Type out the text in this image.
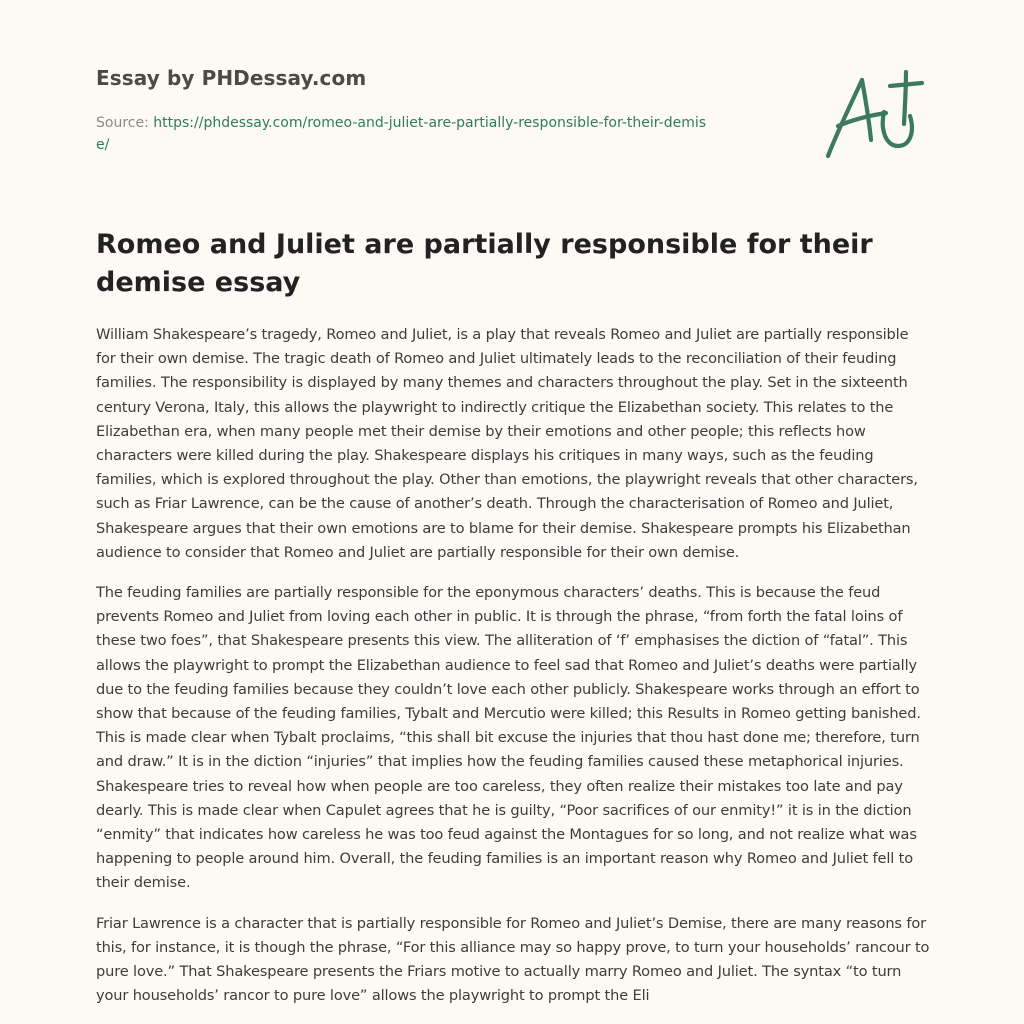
Essay by PHDessay.com
Source: https://phdessay.com/romeo-and-juliet-are-partially-responsible-for-their-demise/
Romeo and Juliet are partially responsible for their demise essay

William Shakespeare’s tragedy, Romeo and Juliet, is a play that reveals Romeo and Juliet are partially responsible for their own demise. The tragic death of Romeo and Juliet ultimately leads to the reconciliation of their feuding families. The responsibility is displayed by many themes and characters throughout the play. Set in the sixteenth century Verona, Italy, this allows the playwright to indirectly critique the Elizabethan society. This relates to the Elizabethan era, when many people met their demise by their emotions and other people; this reflects how characters were killed during the play. Shakespeare displays his critiques in many ways, such as the feuding families, which is explored throughout the play. Other than emotions, the playwright reveals that other characters, such as Friar Lawrence, can be the cause of another’s death. Through the characterisation of Romeo and Juliet, Shakespeare argues that their own emotions are to blame for their demise. Shakespeare prompts his Elizabethan audience to consider that Romeo and Juliet are partially responsible for their own demise.

The feuding families are partially responsible for the eponymous characters’ deaths. This is because the feud prevents Romeo and Juliet from loving each other in public. It is through the phrase, “from forth the fatal loins of these two foes”, that Shakespeare presents this view. The alliteration of ‘f’ emphasises the diction of “fatal”. This allows the playwright to prompt the Elizabethan audience to feel sad that Romeo and Juliet’s deaths were partially due to the feuding families because they couldn’t love each other publicly. Shakespeare works through an effort to show that because of the feuding families, Tybalt and Mercutio were killed; this Results in Romeo getting banished. This is made clear when Tybalt proclaims, “this shall bit excuse the injuries that thou hast done me; therefore, turn and draw.” It is in the diction “injuries” that implies how the feuding families caused these metaphorical injuries. Shakespeare tries to reveal how when people are too careless, they often realize their mistakes too late and pay dearly. This is made clear when Capulet agrees that he is guilty, “Poor sacrifices of our enmity!” it is in the diction “enmity” that indicates how careless he was too feud against the Montagues for so long, and not realize what was happening to people around him. Overall, the feuding families is an important reason why Romeo and Juliet fell to their demise.

Friar Lawrence is a character that is partially responsible for Romeo and Juliet’s Demise, there are many reasons for this, for instance, it is though the phrase, “For this alliance may so happy prove, to turn your households’ rancour to pure love.” That Shakespeare presents the Friars motive to actually marry Romeo and Juliet. The syntax “to turn your households’ rancor to pure love” allows the playwright to prompt the Eli
